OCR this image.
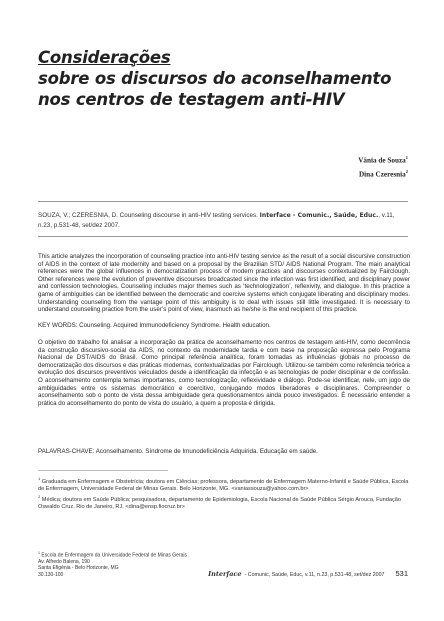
Considerações
sobre os discursos do aconselhamento
nos centros de testagem anti-HIV
Vânia de Souza$^1$
Dina Czeresnia$^2$
SOUZA, V.; CZERESNIA, D. Counseling discourse in anti-HIV testing services. Interface - Comunic., Saúde, Educ., v.11, n.23, p.531-48, set/dez 2007.
This article analyzes the incorporation of counseling practice into anti-HIV testing service as the result of a social discursive construction of AIDS in the context of late modernity and based on a proposal by the Brazilian STD/ AIDS National Program. The main analytical references were the global influences in democratization process of modern practices and discourses contextualized by Fairclough. Other references were the evolution of preventive discourses broadcasted since the infection was first identified, and disciplinary power and confession technologies. Counseling includes major themes such as ‘technologization’, reflexivity, and dialogue. In this practice a game of ambiguities can be identified between the democratic and coercive systems which conjugate liberating and disciplinary modes. Understanding counseling from the vantage point of this ambiguity is to deal with issues still little investigated. It is necessary to understand counseling practice from the user’s point of view, inasmuch as he/she is the end recipient of this practice.
KEY WORDS: Counseling. Acquired Immunodeficiency Syndrome. Health education.
O objetivo do trabalho foi analisar a incorporação da prática de aconselhamento nos centros de testagem anti-HIV, como decorrência da construção discursivo-social da AIDS, no contexto da modernidade tardia e com base na proposição expressa pelo Programa Nacional de DST/AIDS do Brasil. Como principal referência analítica, foram tomadas as influências globais no processo de democratização dos discursos e das práticas modernas, contextualizadas por Fairclough. Utilizou-se também como referência teórica a evolução dos discursos preventivos veiculados desde a identificação da infecção e as tecnologias de poder disciplinar e de confissão. O aconselhamento contempla temas importantes, como tecnologização, reflexividade e diálogo. Pode-se identificar, nele, um jogo de ambiguidades entre os sistemas democrático e coercitivo, conjugando modos liberadores e disciplinares. Compreender o aconselhamento sob o ponto de vista dessa ambiguidade gera questionamentos ainda pouco investigados. É necessário entender a prática do aconselhamento do ponto de vista do usuário, a quem a proposta é dirigida.
PALAVRAS-CHAVE: Aconselhamento. Síndrome de Imunodeficiência Adquirida. Educação em saúde.
$^1$ Graduada em Enfermagem e Obstetrícia; doutora em Ciências; professora, departamento de Enfermagem Materno-Infantil e Saúde Pública, Escola de Enfermagem, Universidade Federal de Minas Gerais. Belo Horizonte, MG. <vaniassouza@yahoo.com.br>
$^2$ Médica; doutora em Saúde Pública; pesquisadora, departamento de Epidemiologia, Escola Nacional de Saúde Pública Sérgio Arouca, Fundação Oswaldo Cruz. Rio de Janeiro, RJ. <dina@ensp.fiocruz.br>
$^1$ Escola de Enfermagem da Universidade Federal de Minas Gerais
Av. Alfredo Balena, 190
Santa Efigênia - Belo Horizonte, MG
30.130-100	Interface - Comunic, Saúde, Educ, v.11, n.23, p.531-48, set/dez 2007 531
